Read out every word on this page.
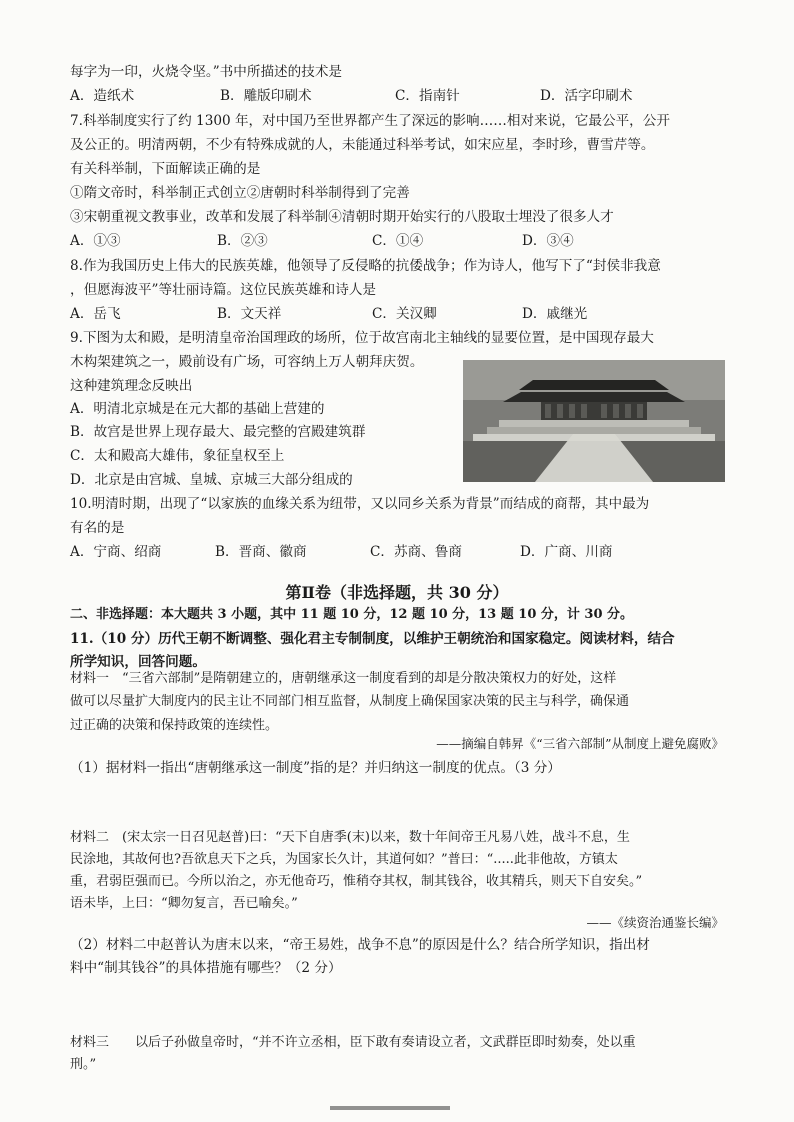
每字为一印，火烧令坚。”书中所描述的技术是
A．造纸术	B．雕版印刷术	C．指南针	D．活字印刷术
7.科举制度实行了约 1300 年，对中国乃至世界都产生了深远的影响……相对来说，它最公平，公开
及公正的。明清两朝，不少有特殊成就的人，未能通过科举考试，如宋应星，李时珍，曹雪芹等。
有关科举制，下面解读正确的是
①隋文帝时，科举制正式创立②唐朝时科举制得到了完善
③宋朝重视文教事业，改革和发展了科举制④清朝时期开始实行的八股取士埋没了很多人才
A．①③	B．②③	C．①④	D．③④
8.作为我国历史上伟大的民族英雄，他领导了反侵略的抗倭战争；作为诗人，他写下了“封侯非我意
，但愿海波平”等壮丽诗篇。这位民族英雄和诗人是
A．岳飞	B．文天祥	C．关汉卿	D．戚继光
9.下图为太和殿，是明清皇帝治国理政的场所，位于故宫南北主轴线的显要位置，是中国现存最大
木构架建筑之一，殿前设有广场，可容纳上万人朝拜庆贺。
这种建筑理念反映出
A．明清北京城是在元大都的基础上营建的
B．故宫是世界上现存最大、最完整的宫殿建筑群
C．太和殿高大雄伟，象征皇权至上
D．北京是由宫城、皇城、京城三大部分组成的
10.明清时期，出现了“以家族的血缘关系为纽带，又以同乡关系为背景”而结成的商帮，其中最为
有名的是
A．宁商、绍商	B．晋商、徽商	C．苏商、鲁商	D．广商、川商
第Ⅱ卷（非选择题，共 30 分）
二、非选择题：本大题共 3 小题，其中 11 题 10 分，12 题 10 分，13 题 10 分，计 30 分。
11.（10 分）历代王朝不断调整、强化君主专制制度，以维护王朝统治和国家稳定。阅读材料，结合
所学知识，回答问题。
材料一　“三省六部制”是隋朝建立的，唐朝继承这一制度看到的却是分散决策权力的好处，这样
做可以尽量扩大制度内的民主让不同部门相互监督，从制度上确保国家决策的民主与科学，确保通
过正确的决策和保持政策的连续性。
——摘编自韩昇《“三省六部制”从制度上避免腐败》
（1）据材料一指出“唐朝继承这一制度”指的是？并归纳这一制度的优点。（3 分）
材料二　(宋太宗一日召见赵普)曰：“天下自唐季(末)以来，数十年间帝王凡易八姓，战斗不息，生
民涂地，其故何也?吾欲息天下之兵，为国家长久计，其道何如？”普曰：“.....此非他故，方镇太
重，君弱臣强而已。今所以治之，亦无他奇巧，惟稍夺其权，制其钱谷，收其精兵，则天下自安矣。”
语未毕，上曰：“卿勿复言，吾已喻矣。”
——《续资治通鉴长编》
（2）材料二中赵普认为唐末以来，“帝王易姓，战争不息”的原因是什么？结合所学知识，指出材
料中“制其钱谷”的具体措施有哪些？（2 分）
材料三　　以后子孙做皇帝时，“并不许立丞相，臣下敢有奏请设立者，文武群臣即时劾奏，处以重
刑。”
